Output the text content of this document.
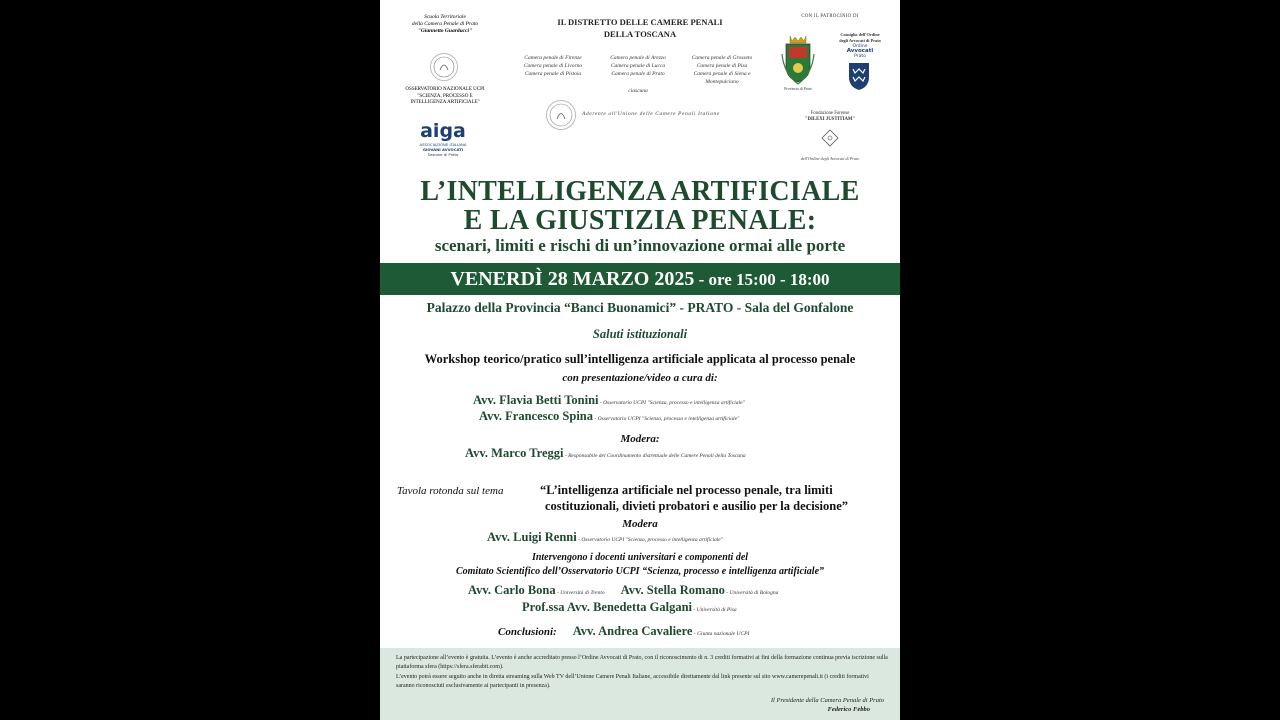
Scuola Territoriale
della Camera Penale di Prato
"Giannetto Guarducci"
OSSERVATORIO NAZIONALE UCPI
"SCIENZA, PROCESSO E
INTELLIGENZA ARTIFICIALE"
aiga
ASSOCIAZIONE ITALIANA
GIOVANI AVVOCATI
Sezione di Prato
IL DISTRETTO DELLE CAMERE PENALI
DELLA TOSCANA
Camera penale di Firenze
Camera penale di Livorno
Camera penale di Pistoia
Camera penale di Arezzo
Camera penale di Lucca
Camera penale di Prato
Camera penale di Grosseto
Camera penale di Pisa
Camera penale di Siena e
Montepulciano
ciascuna
Aderente all'Unione delle Camere Penali Italiane
CON IL PATROCINIO DI
Provincia di Prato
Consiglio dell'Ordine
degli Avvocati di Prato
Ordine
Avvocati
Prato
Fondazione Forense
"DILEXI JUSTITIAM"
dell'Ordine degli Avvocati di Prato
L’INTELLIGENZA ARTIFICIALE
E LA GIUSTIZIA PENALE:
scenari, limiti e rischi di un’innovazione ormai alle porte
VENERDÌ 28 MARZO 2025 - ore 15:00 - 18:00
Palazzo della Provincia “Banci Buonamici” - PRATO - Sala del Gonfalone
Saluti istituzionali
Workshop teorico/pratico sull’intelligenza artificiale applicata al processo penale
con presentazione/video a cura di:
Avv. Flavia Betti Tonini - Osservatorio UCPI "Scienza, processo e intelligenza artificiale"
Avv. Francesco Spina - Osservatorio UCPI "Scienza, processo e intelligenza artificiale"
Modera:
Avv. Marco Treggi - Responsabile del Coordinamento distrettuale delle Camere Penali della Toscana
Tavola rotonda sul tema	“L’intelligenza artificiale nel processo penale, tra limiti
costituzionali, divieti probatori e ausilio per la decisione”
Modera
Avv. Luigi Renni - Osservatorio UCPI "Scienza, processo e intelligenza artificiale"
Intervengono i docenti universitari e componenti del
Comitato Scientifico dell’Osservatorio UCPI “Scienza, processo e intelligenza artificiale”
Avv. Carlo Bona - Università di Trento Avv. Stella Romano - Università di Bologna
Prof.ssa Avv. Benedetta Galgani - Università di Pisa
Conclusioni: Avv. Andrea Cavaliere - Giunta nazionale UCPI

La partecipazione all’evento è gratuita. L’evento è anche accreditato presso l’Ordine Avvocati di Prato, con il riconoscimento di n. 3 crediti formativi ai fini della formazione continua previa iscrizione sulla piattaforma sfera (https://sfera.sferabit.com).

L’evento potrà essere seguito anche in diretta streaming sulla Web TV dell’Unione Camere Penali Italiane, accessibile direttamente dal link presente sul sito www.camerepenali.it (i crediti formativi saranno riconosciuti esclusivamente ai partecipanti in presenza).

Il Presidente della Camera Penale di Prato

Federico Febbo
